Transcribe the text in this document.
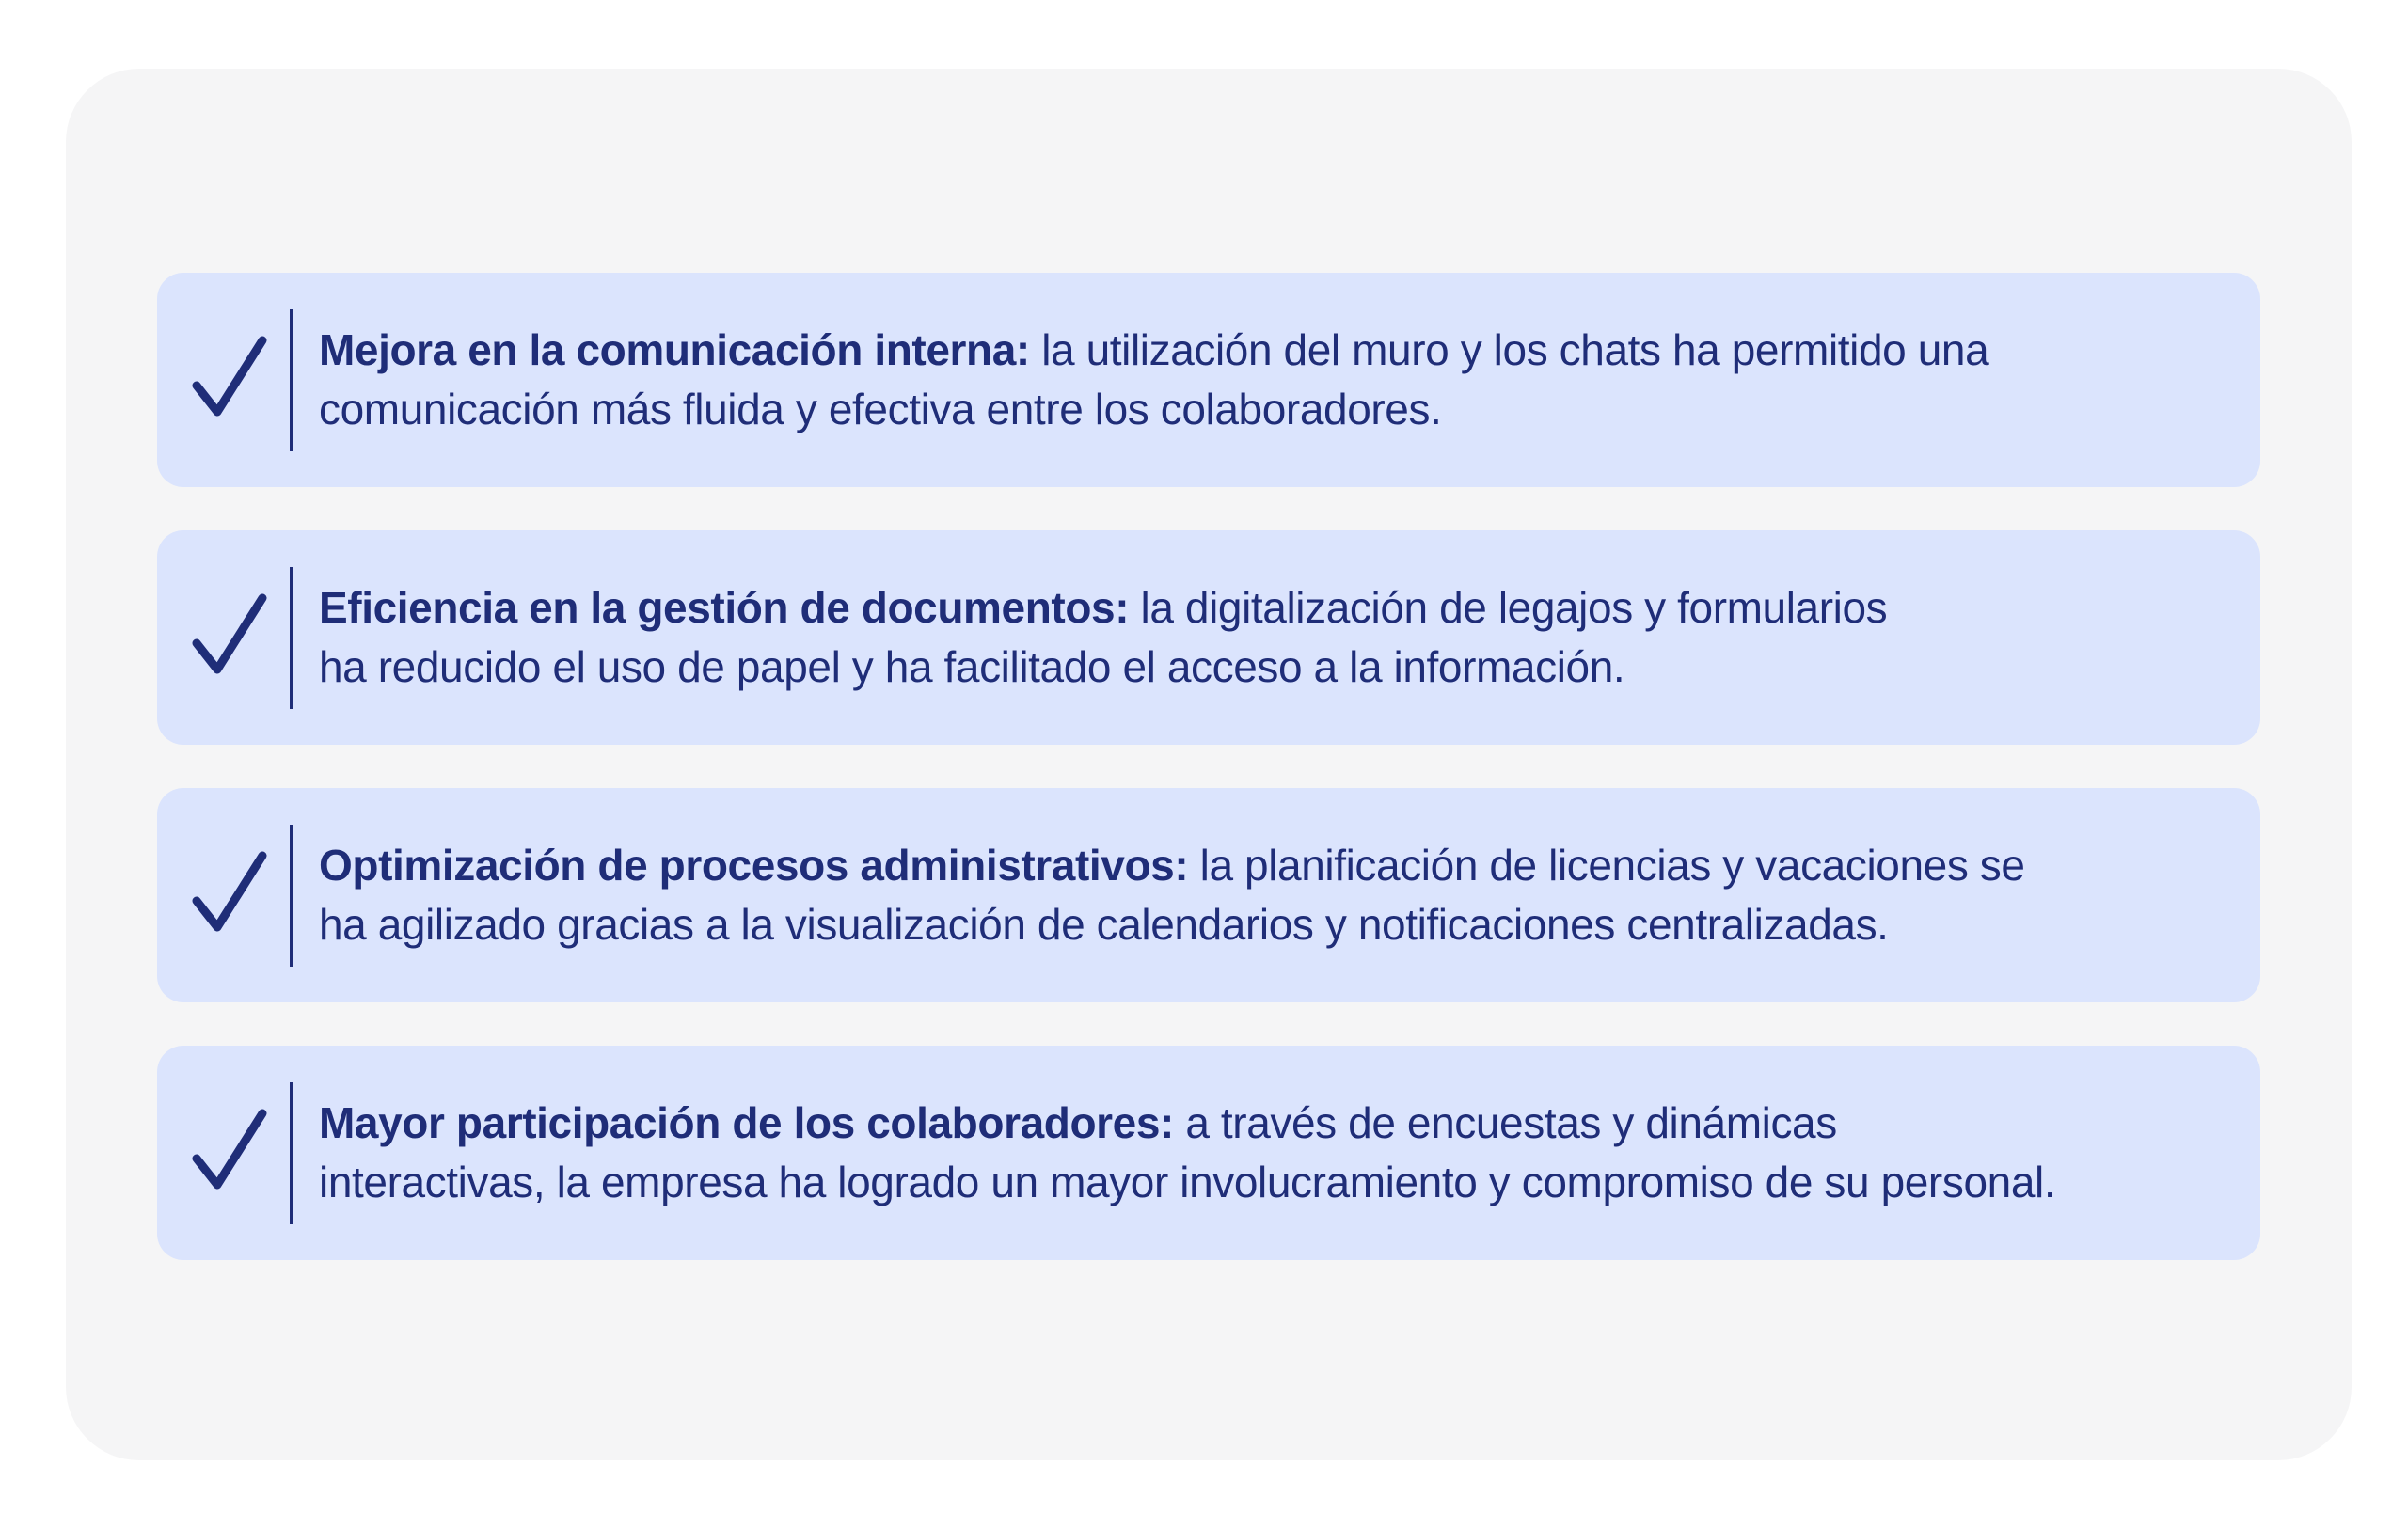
Mejora en la comunicación interna: la utilización del muro y los chats ha permitido una
comunicación más fluida y efectiva entre los colaboradores.

Eficiencia en la gestión de documentos: la digitalización de legajos y formularios
ha reducido el uso de papel y ha facilitado el acceso a la información.

Optimización de procesos administrativos: la planificación de licencias y vacaciones se
ha agilizado gracias a la visualización de calendarios y notificaciones centralizadas.

Mayor participación de los colaboradores: a través de encuestas y dinámicas
interactivas, la empresa ha logrado un mayor involucramiento y compromiso de su personal.
